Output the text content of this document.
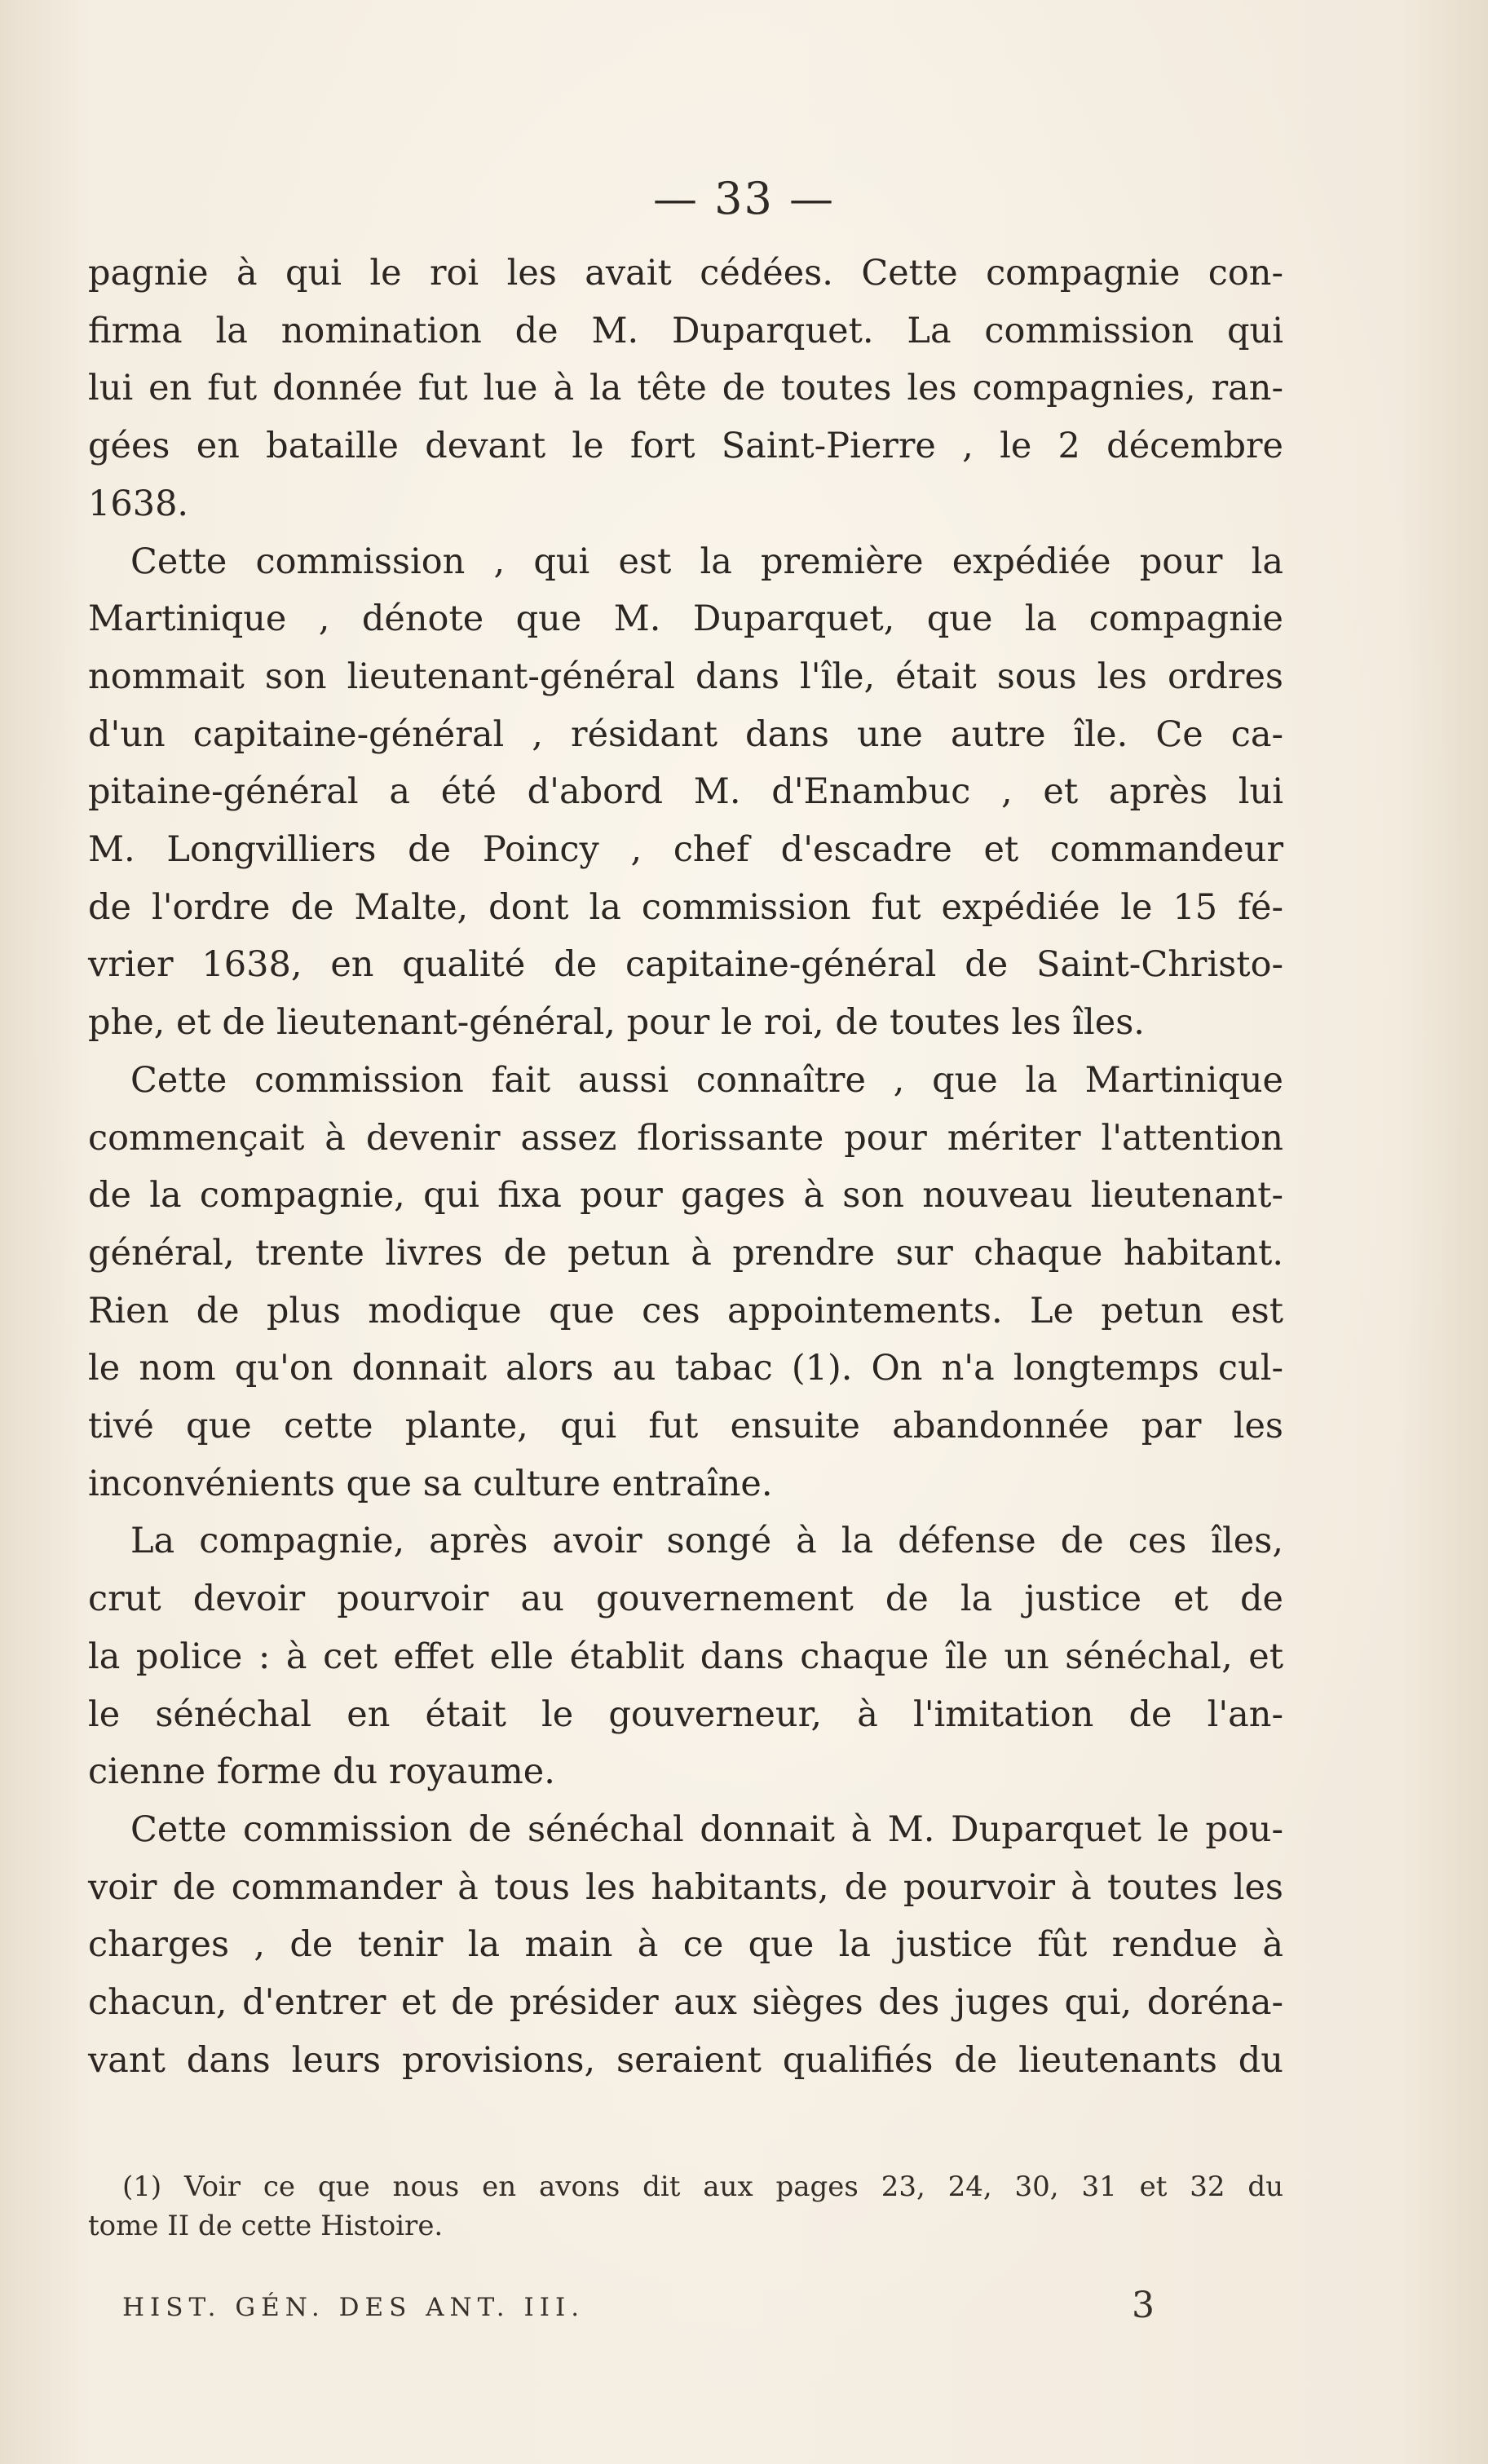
— 33 —
pagnie à qui le roi les avait cédées. Cette compagnie con-
firma la nomination de M. Duparquet. La commission qui
lui en fut donnée fut lue à la tête de toutes les compagnies, ran-
gées en bataille devant le fort Saint-Pierre , le 2 décembre
1638.
Cette commission , qui est la première expédiée pour la
Martinique , dénote que M. Duparquet, que la compagnie
nommait son lieutenant-général dans l'île, était sous les ordres
d'un capitaine-général , résidant dans une autre île. Ce ca-
pitaine-général a été d'abord M. d'Enambuc , et après lui
M. Longvilliers de Poincy , chef d'escadre et commandeur
de l'ordre de Malte, dont la commission fut expédiée le 15 fé-
vrier 1638, en qualité de capitaine-général de Saint-Christo-
phe, et de lieutenant-général, pour le roi, de toutes les îles.
Cette commission fait aussi connaître , que la Martinique
commençait à devenir assez florissante pour mériter l'attention
de la compagnie, qui fixa pour gages à son nouveau lieutenant-
général, trente livres de petun à prendre sur chaque habitant.
Rien de plus modique que ces appointements. Le petun est
le nom qu'on donnait alors au tabac (1). On n'a longtemps cul-
tivé que cette plante, qui fut ensuite abandonnée par les
inconvénients que sa culture entraîne.
La compagnie, après avoir songé à la défense de ces îles,
crut devoir pourvoir au gouvernement de la justice et de
la police : à cet effet elle établit dans chaque île un sénéchal, et
le sénéchal en était le gouverneur, à l'imitation de l'an-
cienne forme du royaume.
Cette commission de sénéchal donnait à M. Duparquet le pou-
voir de commander à tous les habitants, de pourvoir à toutes les
charges , de tenir la main à ce que la justice fût rendue à
chacun, d'entrer et de présider aux sièges des juges qui, doréna-
vant dans leurs provisions, seraient qualifiés de lieutenants du
(1) Voir ce que nous en avons dit aux pages 23, 24, 30, 31 et 32 du
tome II de cette Histoire.
HIST. GÉN. DES ANT. III.	3
